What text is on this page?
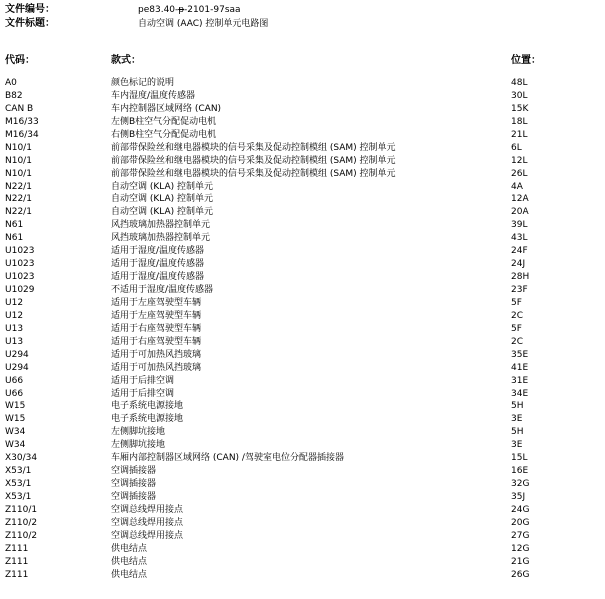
文件编号：	pe83.40-p-2101-97saa
文件标题：	自动空调 (AAC) 控制单元电路图
代码：	款式：	位置：
A0	颜色标记的说明	48L
B82	车内湿度/温度传感器	30L
CAN B	车内控制器区域网络 (CAN)	15K
M16/33	左侧B柱空气分配促动电机	18L
M16/34	右侧B柱空气分配促动电机	21L
N10/1	前部带保险丝和继电器模块的信号采集及促动控制模组 (SAM) 控制单元	6L
N10/1	前部带保险丝和继电器模块的信号采集及促动控制模组 (SAM) 控制单元	12L
N10/1	前部带保险丝和继电器模块的信号采集及促动控制模组 (SAM) 控制单元	26L
N22/1	自动空调 (KLA) 控制单元	4A
N22/1	自动空调 (KLA) 控制单元	12A
N22/1	自动空调 (KLA) 控制单元	20A
N61	风挡玻璃加热器控制单元	39L
N61	风挡玻璃加热器控制单元	43L
U1023	适用于湿度/温度传感器	24F
U1023	适用于湿度/温度传感器	24J
U1023	适用于湿度/温度传感器	28H
U1029	不适用于湿度/温度传感器	23F
U12	适用于左座驾驶型车辆	5F
U12	适用于左座驾驶型车辆	2C
U13	适用于右座驾驶型车辆	5F
U13	适用于右座驾驶型车辆	2C
U294	适用于可加热风挡玻璃	35E
U294	适用于可加热风挡玻璃	41E
U66	适用于后排空调	31E
U66	适用于后排空调	34E
W15	电子系统电源接地	5H
W15	电子系统电源接地	3E
W34	左侧脚坑接地	5H
W34	左侧脚坑接地	3E
X30/34	车厢内部控制器区域网络 (CAN) /驾驶室电位分配器插接器	15L
X53/1	空调插接器	16E
X53/1	空调插接器	32G
X53/1	空调插接器	35J
Z110/1	空调总线焊用接点	24G
Z110/2	空调总线焊用接点	20G
Z110/2	空调总线焊用接点	27G
Z111	供电结点	12G
Z111	供电结点	21G
Z111	供电结点	26G
